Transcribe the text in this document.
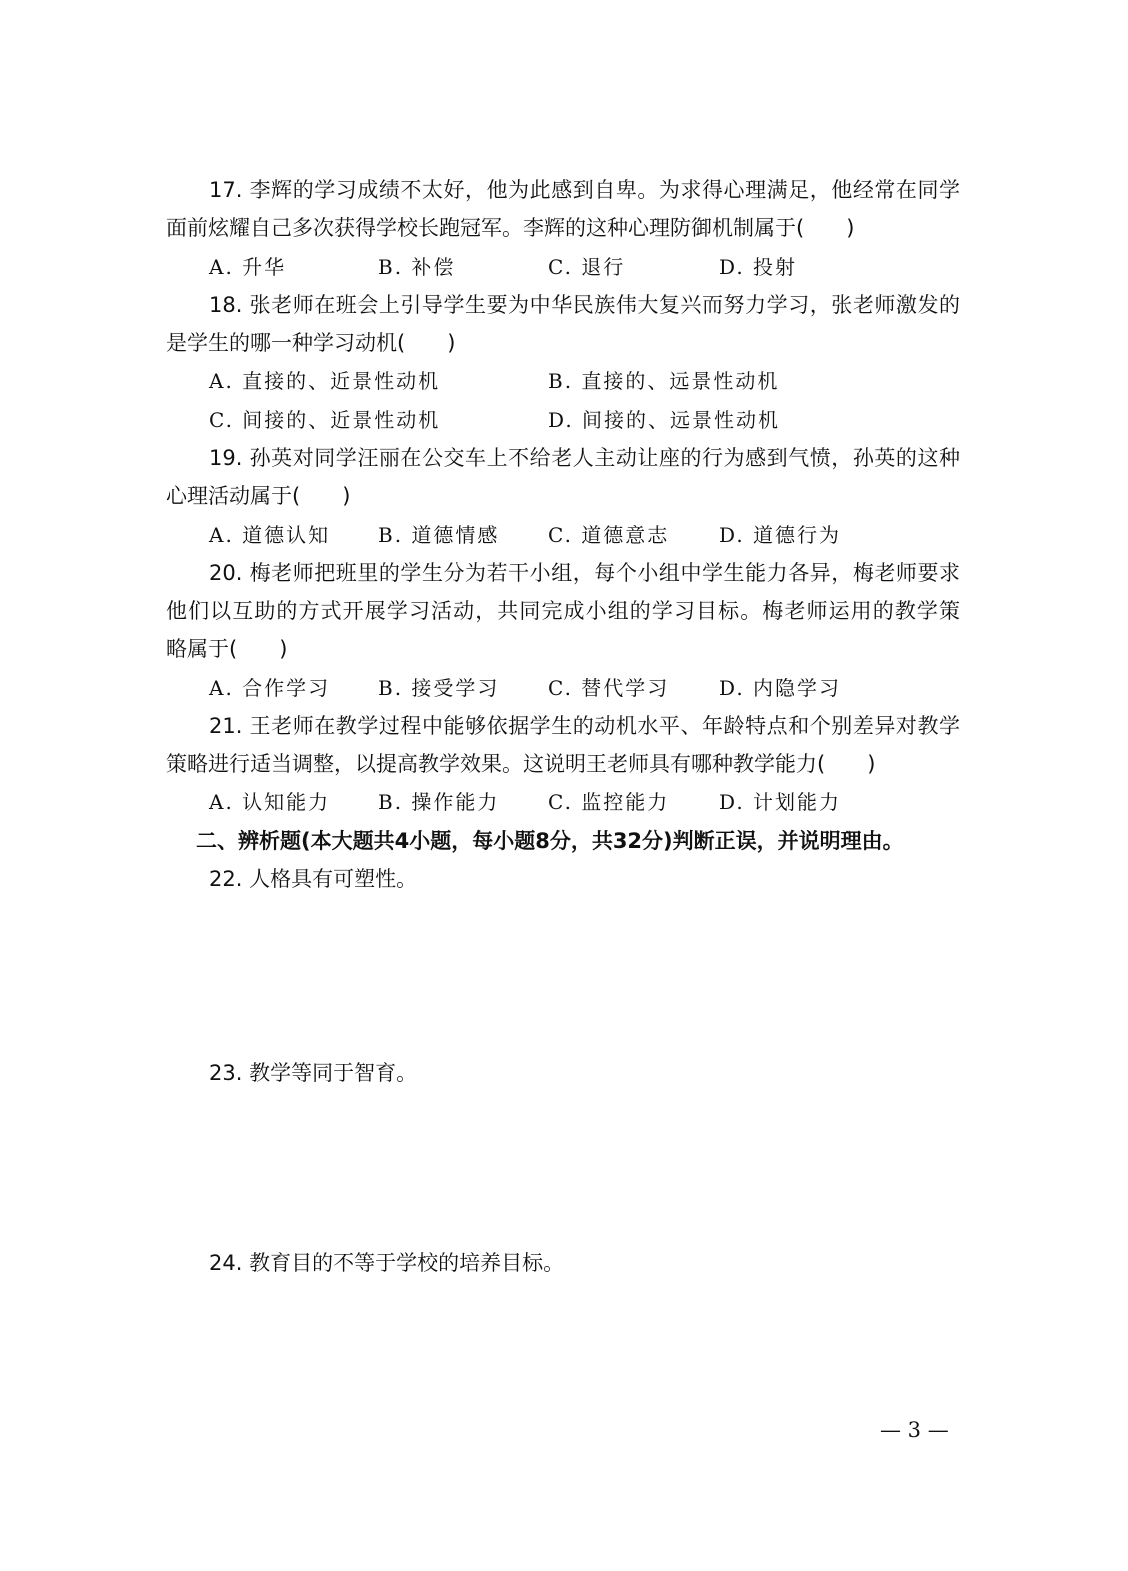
17. 李辉的学习成绩不太好，他为此感到自卑。为求得心理满足，他经常在同学
面前炫耀自己多次获得学校长跑冠军。李辉的这种心理防御机制属于(　　)
A. 升华	B. 补偿	C. 退行	D. 投射
18. 张老师在班会上引导学生要为中华民族伟大复兴而努力学习，张老师激发的
是学生的哪一种学习动机(　　)
A. 直接的、近景性动机	B. 直接的、远景性动机
C. 间接的、近景性动机	D. 间接的、远景性动机
19. 孙英对同学汪丽在公交车上不给老人主动让座的行为感到气愤，孙英的这种
心理活动属于(　　)
A. 道德认知 B. 道德情感 C. 道德意志 D. 道德行为
20. 梅老师把班里的学生分为若干小组，每个小组中学生能力各异，梅老师要求
他们以互助的方式开展学习活动，共同完成小组的学习目标。梅老师运用的教学策
略属于(　　)
A. 合作学习 B. 接受学习 C. 替代学习 D. 内隐学习
21. 王老师在教学过程中能够依据学生的动机水平、年龄特点和个别差异对教学
策略进行适当调整，以提高教学效果。这说明王老师具有哪种教学能力(　　)
A. 认知能力 B. 操作能力 C. 监控能力 D. 计划能力
二、辨析题(本大题共4小题，每小题8分，共32分)判断正误，并说明理由。
22. 人格具有可塑性。
23. 教学等同于智育。
24. 教育目的不等于学校的培养目标。
— 3 —
